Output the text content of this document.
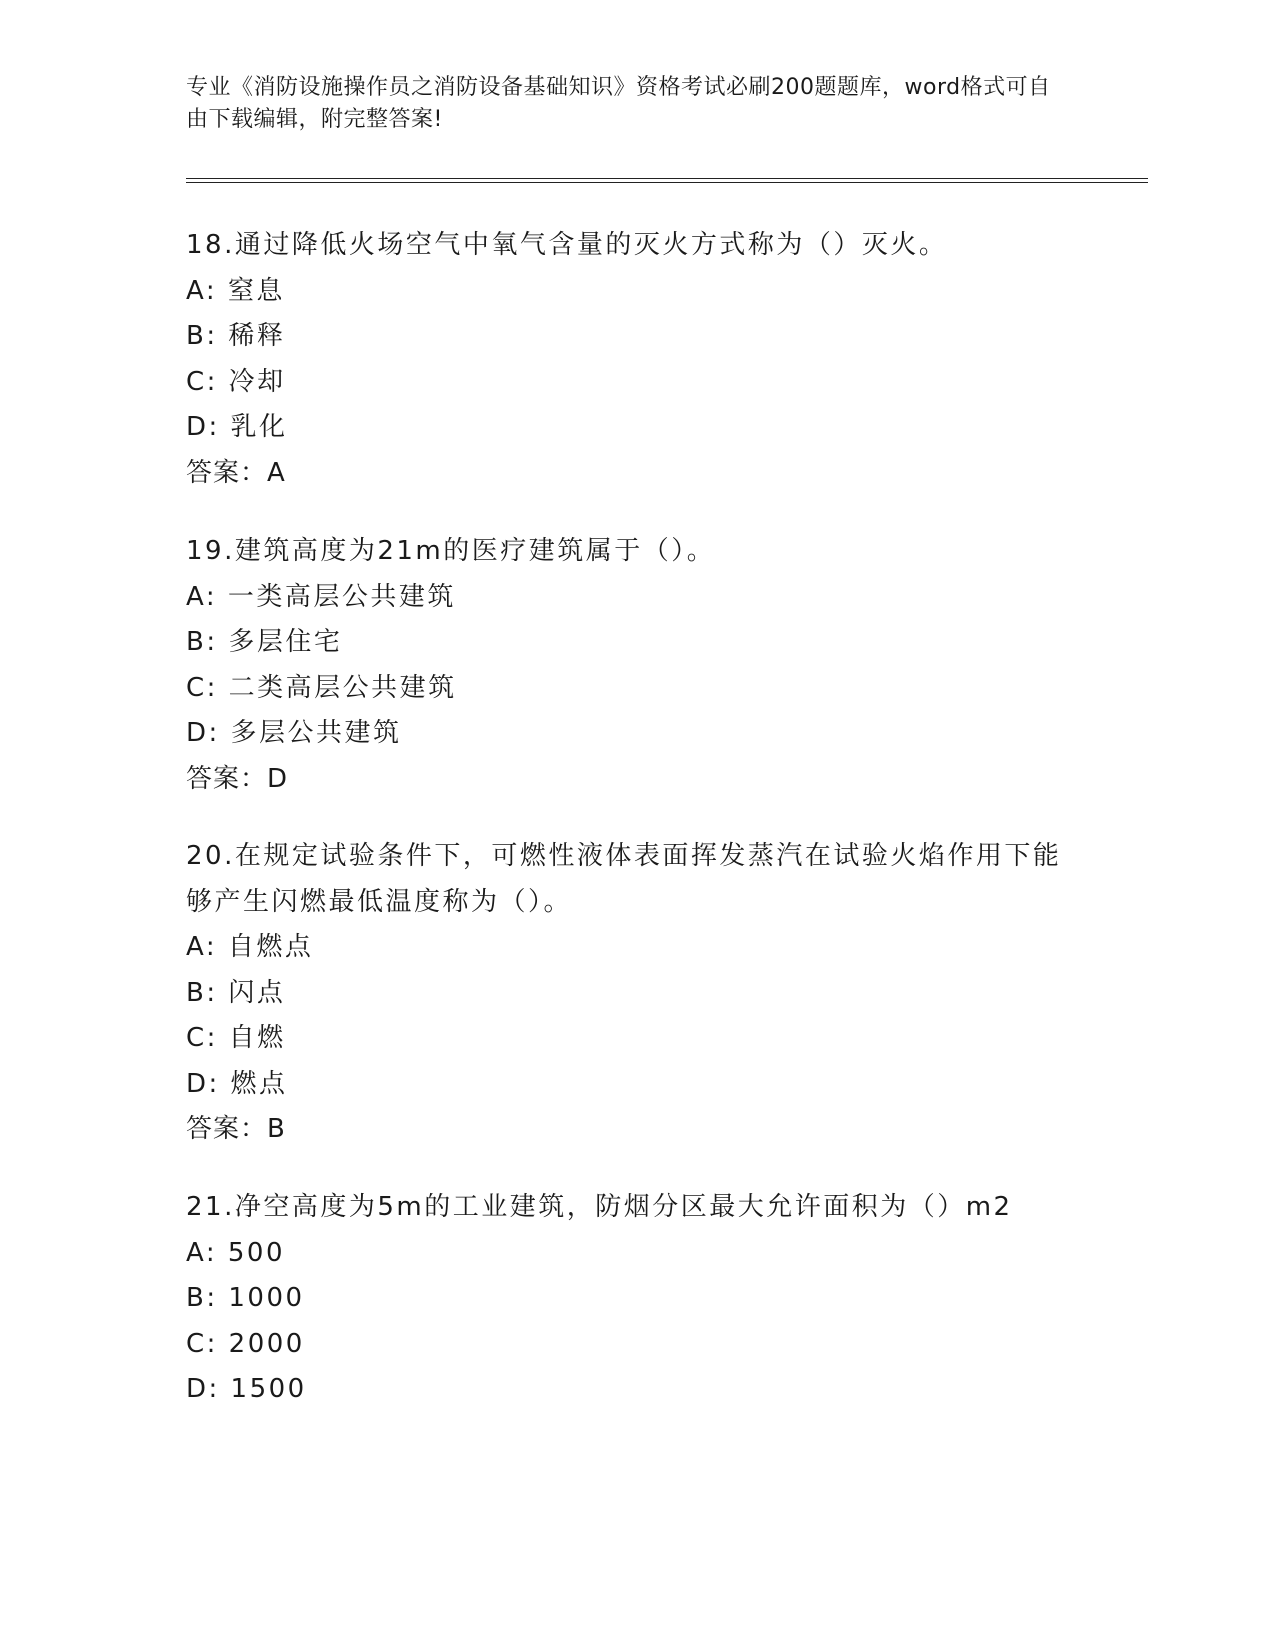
专业《消防设施操作员之消防设备基础知识》资格考试必刷200题题库，word格式可自由下载编辑，附完整答案!
18.通过降低火场空气中氧气含量的灭火方式称为（）灭火。
A: 窒息
B: 稀释
C: 冷却
D: 乳化
答案：A
19.建筑高度为21m的医疗建筑属于（）。
A: 一类高层公共建筑
B: 多层住宅
C: 二类高层公共建筑
D: 多层公共建筑
答案：D
20.在规定试验条件下，可燃性液体表面挥发蒸汽在试验火焰作用下能够产生闪燃最低温度称为（）。
A: 自燃点
B: 闪点
C: 自燃
D: 燃点
答案：B
21.净空高度为5m的工业建筑，防烟分区最大允许面积为（）m2
A: 500
B: 1000
C: 2000
D: 1500
